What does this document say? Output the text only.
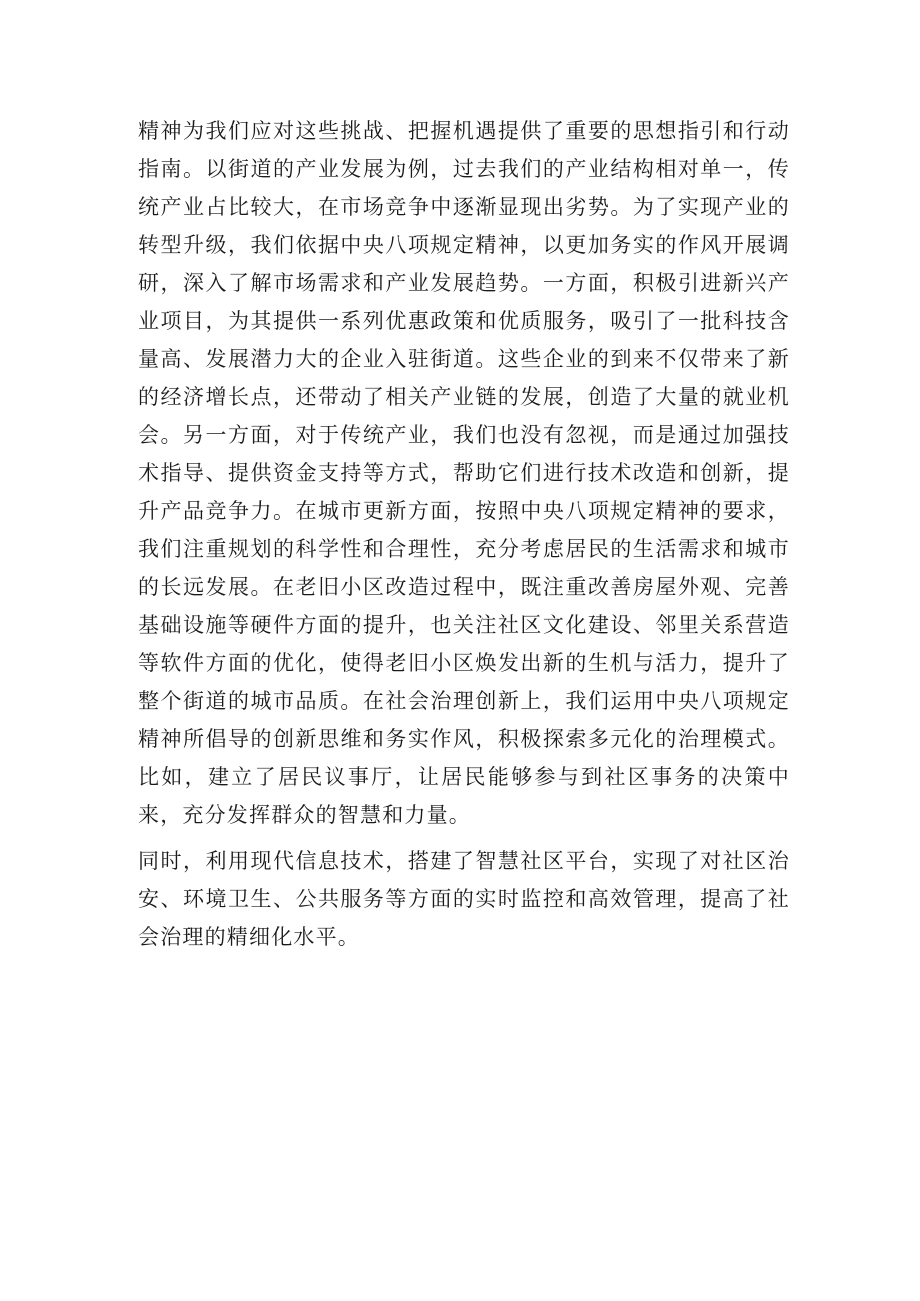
精神为我们应对这些挑战、把握机遇提供了重要的思想指引和行动指南。以街道的产业发展为例，过去我们的产业结构相对单一，传统产业占比较大，在市场竞争中逐渐显现出劣势。为了实现产业的转型升级，我们依据中央八项规定精神，以更加务实的作风开展调研，深入了解市场需求和产业发展趋势。一方面，积极引进新兴产业项目，为其提供一系列优惠政策和优质服务，吸引了一批科技含量高、发展潜力大的企业入驻街道。这些企业的到来不仅带来了新的经济增长点，还带动了相关产业链的发展，创造了大量的就业机会。另一方面，对于传统产业，我们也没有忽视，而是通过加强技术指导、提供资金支持等方式，帮助它们进行技术改造和创新，提升产品竞争力。在城市更新方面，按照中央八项规定精神的要求，我们注重规划的科学性和合理性，充分考虑居民的生活需求和城市的长远发展。在老旧小区改造过程中，既注重改善房屋外观、完善基础设施等硬件方面的提升，也关注社区文化建设、邻里关系营造等软件方面的优化，使得老旧小区焕发出新的生机与活力，提升了整个街道的城市品质。在社会治理创新上，我们运用中央八项规定精神所倡导的创新思维和务实作风，积极探索多元化的治理模式。比如，建立了居民议事厅，让居民能够参与到社区事务的决策中来，充分发挥群众的智慧和力量。

同时，利用现代信息技术，搭建了智慧社区平台，实现了对社区治安、环境卫生、公共服务等方面的实时监控和高效管理，提高了社会治理的精细化水平。
